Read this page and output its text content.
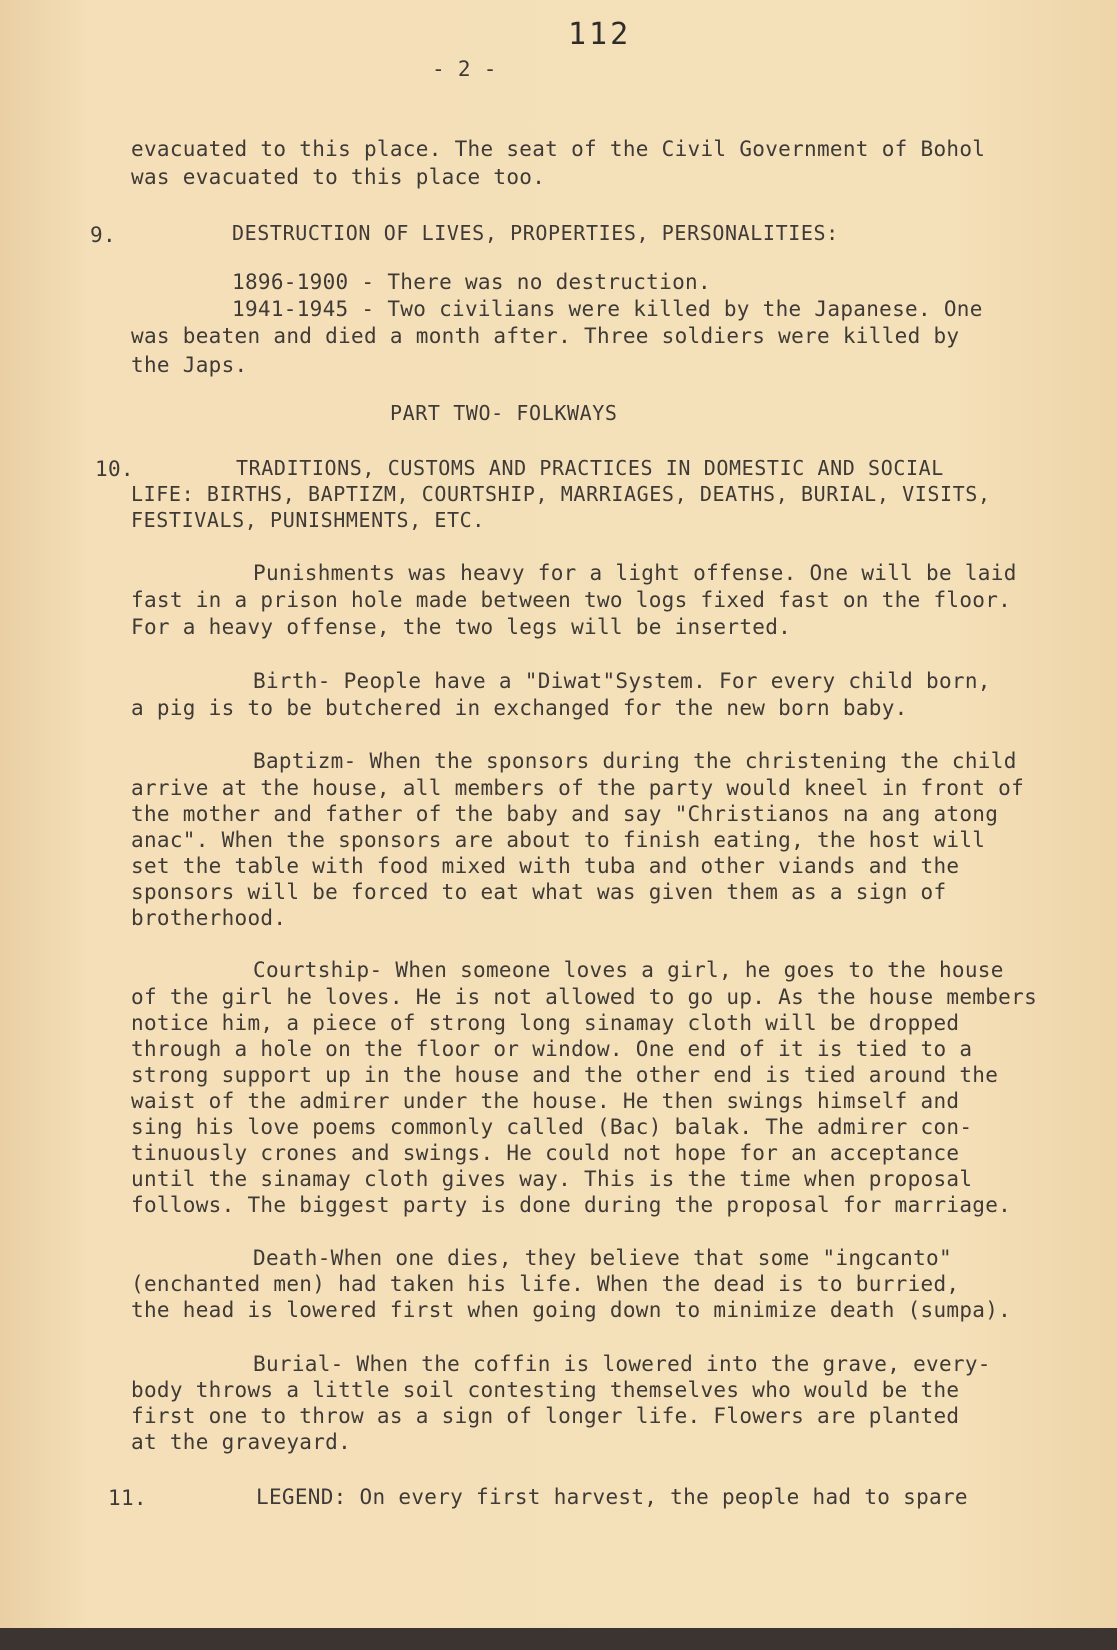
112
- 2 -
evacuated to this place. The seat of the Civil Government of Bohol
was evacuated to this place too.
9.	DESTRUCTION OF LIVES, PROPERTIES, PERSONALITIES:
1896-1900 - There was no destruction.
1941-1945 - Two civilians were killed by the Japanese. One
was beaten and died a month after. Three soldiers were killed by
the Japs.
PART TWO- FOLKWAYS
10.	TRADITIONS, CUSTOMS AND PRACTICES IN DOMESTIC AND SOCIAL
LIFE: BIRTHS, BAPTIZM, COURTSHIP, MARRIAGES, DEATHS, BURIAL, VISITS,
FESTIVALS, PUNISHMENTS, ETC.
Punishments was heavy for a light offense. One will be laid
fast in a prison hole made between two logs fixed fast on the floor.
For a heavy offense, the two legs will be inserted.
Birth- People have a "Diwat"System. For every child born,
a pig is to be butchered in exchanged for the new born baby.
Baptizm- When the sponsors during the christening the child
arrive at the house, all members of the party would kneel in front of
the mother and father of the baby and say "Christianos na ang atong
anac". When the sponsors are about to finish eating, the host will
set the table with food mixed with tuba and other viands and the
sponsors will be forced to eat what was given them as a sign of
brotherhood.
Courtship- When someone loves a girl, he goes to the house
of the girl he loves. He is not allowed to go up. As the house members
notice him, a piece of strong long sinamay cloth will be dropped
through a hole on the floor or window. One end of it is tied to a
strong support up in the house and the other end is tied around the
waist of the admirer under the house. He then swings himself and
sing his love poems commonly called (Bac) balak. The admirer con-
tinuously crones and swings. He could not hope for an acceptance
until the sinamay cloth gives way. This is the time when proposal
follows. The biggest party is done during the proposal for marriage.
Death-When one dies, they believe that some "ingcanto"
(enchanted men) had taken his life. When the dead is to burried,
the head is lowered first when going down to minimize death (sumpa).
Burial- When the coffin is lowered into the grave, every-
body throws a little soil contesting themselves who would be the
first one to throw as a sign of longer life. Flowers are planted
at the graveyard.
11.	LEGEND: On every first harvest, the people had to spare
